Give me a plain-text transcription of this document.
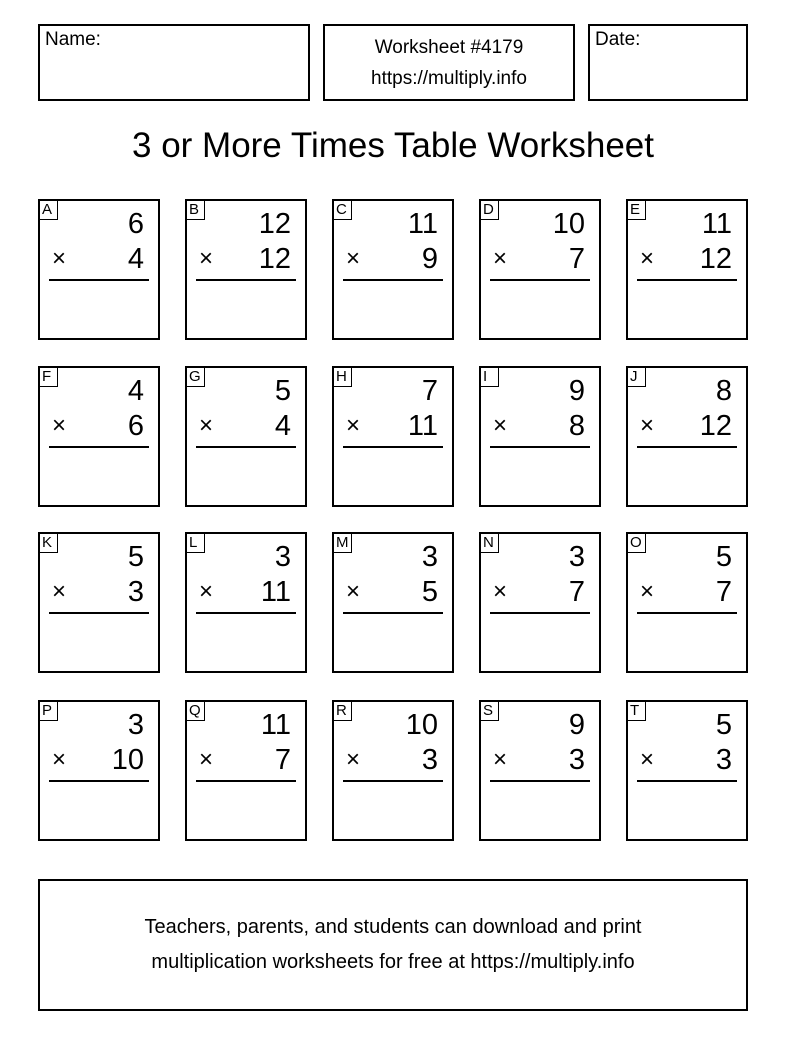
Name:	Worksheet #4179
https://multiply.info
Date:
3 or More Times Table Worksheet
A	6
× 4
B 12
× 12
C 11
× 9
D 10
× 7
E 11
× 12
F	4
× 6
G	5
× 4
H	7
× 11
I	9
× 8
J	8
× 12
K	5
× 3
L	3
× 11
M	3
× 5
N	3
× 7
O	5
× 7
P	3
× 10
Q 11
× 7
R 10
× 3
S	9
× 3
T	5
× 3
Teachers, parents, and students can download and print
multiplication worksheets for free at https://multiply.info
